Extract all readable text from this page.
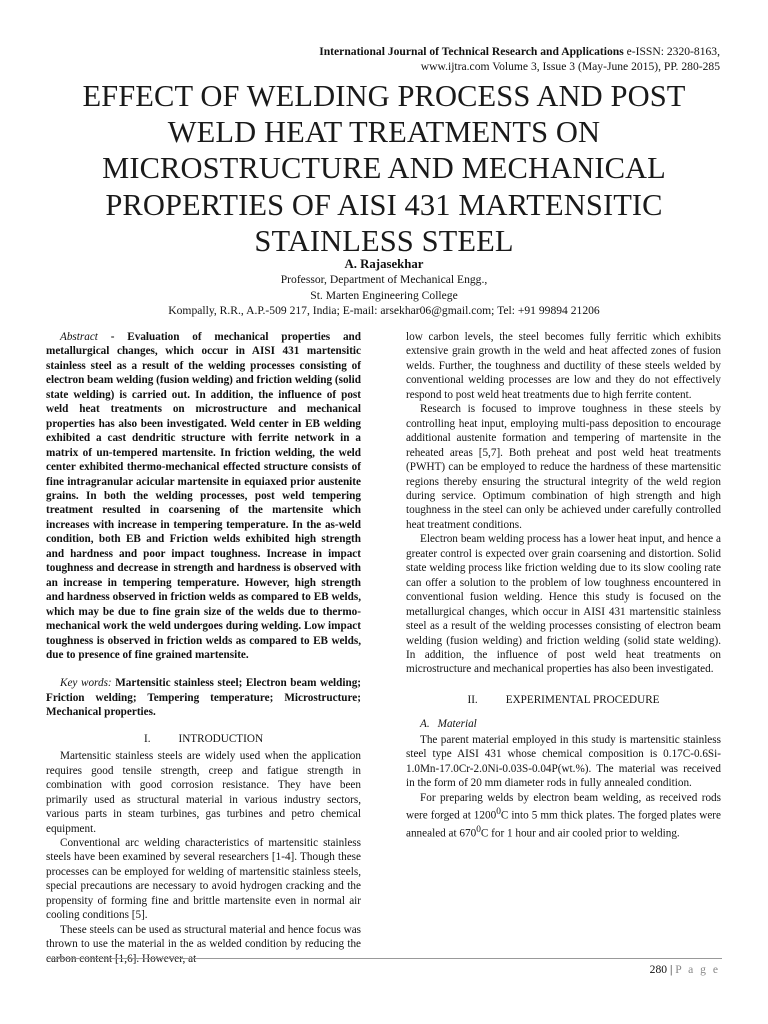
International Journal of Technical Research and Applications e-ISSN: 2320-8163,
www.ijtra.com Volume 3, Issue 3 (May-June 2015), PP. 280-285
EFFECT OF WELDING PROCESS AND POST WELD HEAT TREATMENTS ON MICROSTRUCTURE AND MECHANICAL PROPERTIES OF AISI 431 MARTENSITIC STAINLESS STEEL
A. Rajasekhar
Professor, Department of Mechanical Engg.,
St. Marten Engineering College
Kompally, R.R., A.P.-509 217, India; E-mail: arsekhar06@gmail.com; Tel: +91 99894 21206

Abstract - Evaluation of mechanical properties and metallurgical changes, which occur in AISI 431 martensitic stainless steel as a result of the welding processes consisting of electron beam welding (fusion welding) and friction welding (solid state welding) is carried out. In addition, the influence of post weld heat treatments on microstructure and mechanical properties has also been investigated. Weld center in EB welding exhibited a cast dendritic structure with ferrite network in a matrix of un-tempered martensite. In friction welding, the weld center exhibited thermo-mechanical effected structure consists of fine intragranular acicular martensite in equiaxed prior austenite grains. In both the welding processes, post weld tempering treatment resulted in coarsening of the martensite which increases with increase in tempering temperature. In the as-weld condition, both EB and Friction welds exhibited high strength and hardness and poor impact toughness. Increase in impact toughness and decrease in strength and hardness is observed with an increase in tempering temperature. However, high strength and hardness observed in friction welds as compared to EB welds, which may be due to fine grain size of the welds due to thermo-mechanical work the weld undergoes during welding. Low impact toughness is observed in friction welds as compared to EB welds, due to presence of fine grained martensite.

Key words: Martensitic stainless steel; Electron beam welding; Friction welding; Tempering temperature; Microstructure; Mechanical properties.

I.	INTRODUCTION

Martensitic stainless steels are widely used when the application requires good tensile strength, creep and fatigue strength in combination with good corrosion resistance. They have been primarily used as structural material in various industry sectors, various parts in steam turbines, gas turbines and petro chemical equipment.

Conventional arc welding characteristics of martensitic stainless steels have been examined by several researchers [1-4]. Though these processes can be employed for welding of martensitic stainless steels, special precautions are necessary to avoid hydrogen cracking and the propensity of forming fine and brittle martensite even in normal air cooling conditions [5].

These steels can be used as structural material and hence focus was thrown to use the material in the as welded condition by reducing the carbon content [1,6]. However, at

low carbon levels, the steel becomes fully ferritic which exhibits extensive grain growth in the weld and heat affected zones of fusion welds. Further, the toughness and ductility of these steels welded by conventional welding processes are low and they do not effectively respond to post weld heat treatments due to high ferrite content.

Research is focused to improve toughness in these steels by controlling heat input, employing multi-pass deposition to encourage additional austenite formation and tempering of martensite in the reheated areas [5,7]. Both preheat and post weld heat treatments (PWHT) can be employed to reduce the hardness of these martensitic regions thereby ensuring the structural integrity of the weld region during service. Optimum combination of high strength and high toughness in the steel can only be achieved under carefully controlled heat treatment conditions.

Electron beam welding process has a lower heat input, and hence a greater control is expected over grain coarsening and distortion. Solid state welding process like friction welding due to its slow cooling rate can offer a solution to the problem of low toughness encountered in conventional fusion welding. Hence this study is focused on the metallurgical changes, which occur in AISI 431 martensitic stainless steel as a result of the welding processes consisting of electron beam welding (fusion welding) and friction welding (solid state welding). In addition, the influence of post weld heat treatments on microstructure and mechanical properties has also been investigated.

II.	EXPERIMENTAL PROCEDURE

A. Material

The parent material employed in this study is martensitic stainless steel type AISI 431 whose chemical composition is 0.17C-0.6Si-1.0Mn-17.0Cr-2.0Ni-0.03S-0.04P(wt.%). The material was received in the form of 20 mm diameter rods in fully annealed condition.

For preparing welds by electron beam welding, as received rods were forged at 1200$^0$C into 5 mm thick plates. The forged plates were annealed at $670^0C$ for 1 hour and air cooled prior to welding.

280 | P a g e
